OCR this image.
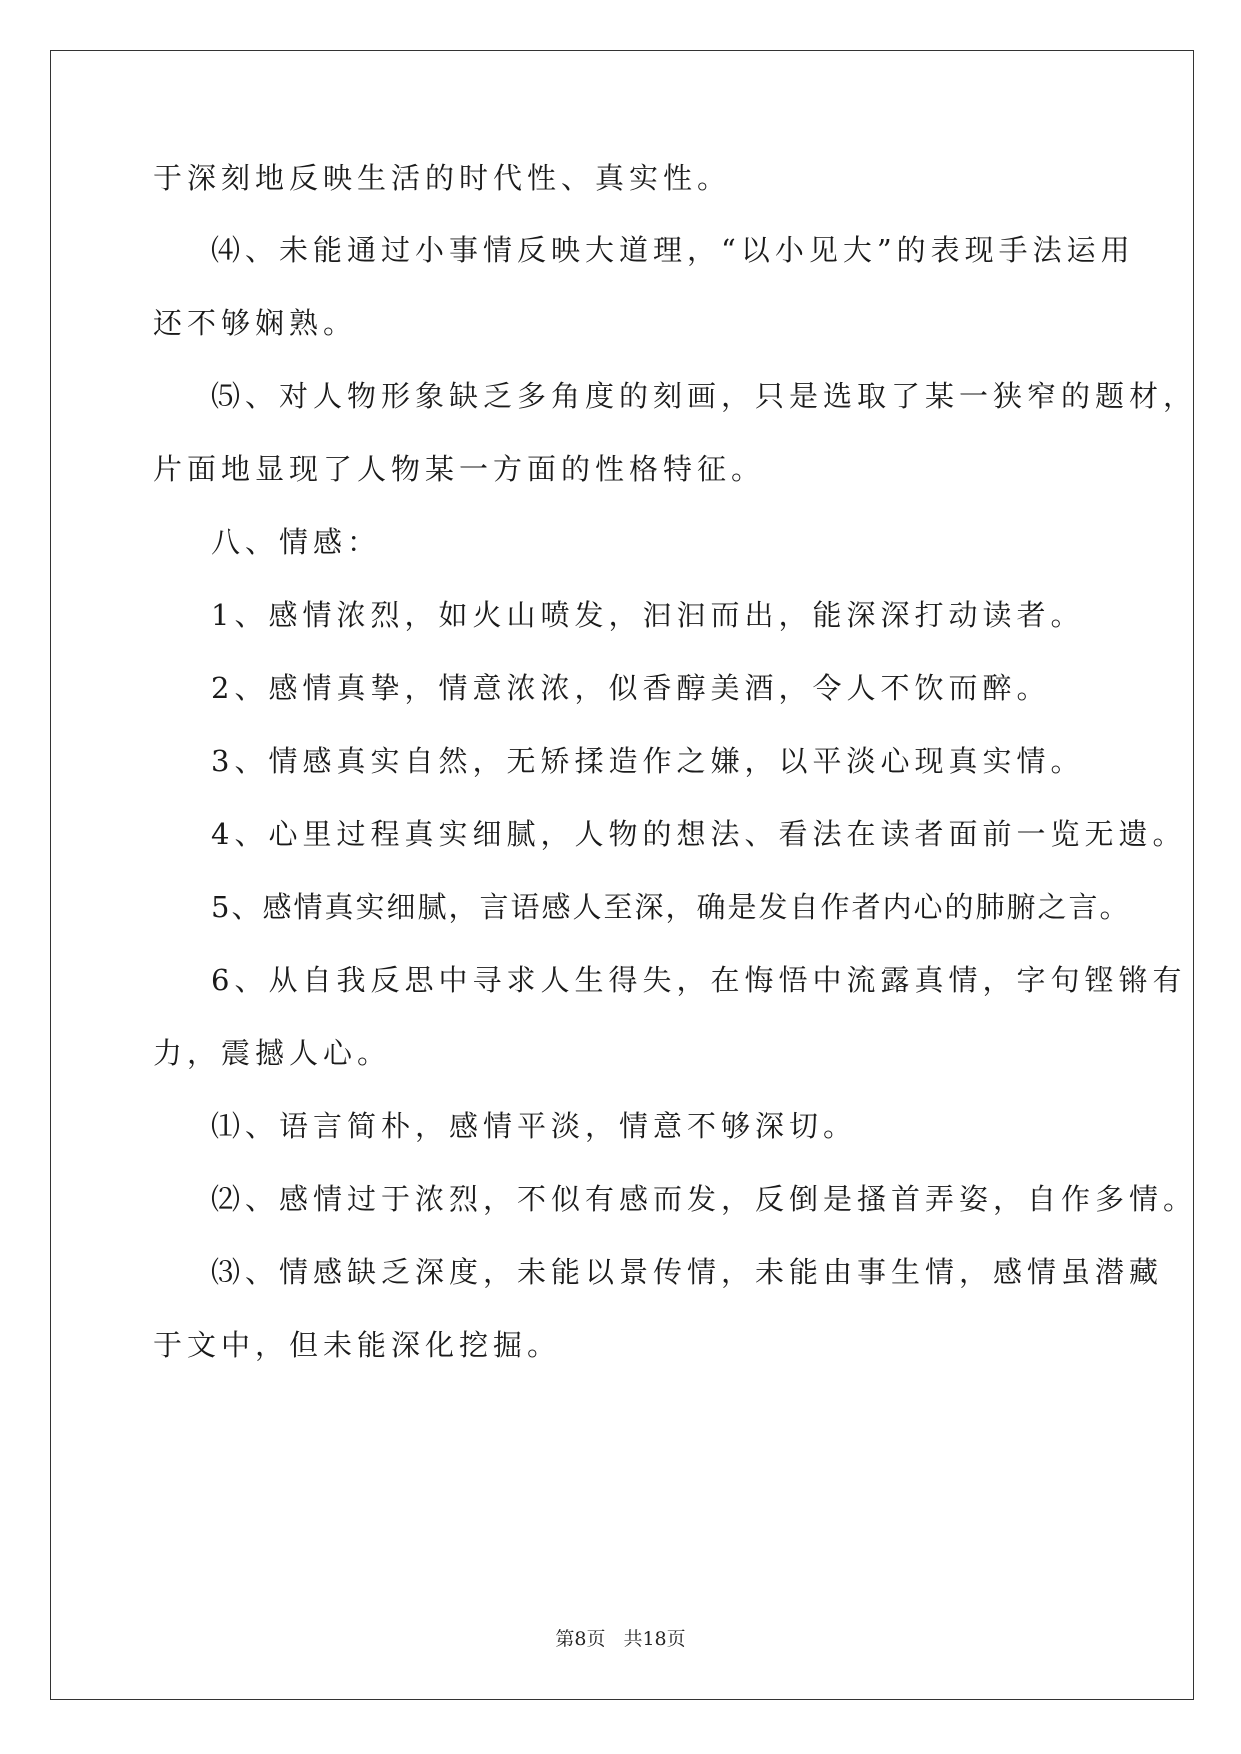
于深刻地反映生活的时代性、真实性。
⑷、未能通过小事情反映大道理，“以小见大”的表现手法运用
还不够娴熟。
⑸、对人物形象缺乏多角度的刻画，只是选取了某一狭窄的题材，
片面地显现了人物某一方面的性格特征。
八、情感：
1、感情浓烈，如火山喷发，汩汩而出，能深深打动读者。
2、感情真挚，情意浓浓，似香醇美酒，令人不饮而醉。
3、情感真实自然，无矫揉造作之嫌，以平淡心现真实情。
4、心里过程真实细腻，人物的想法、看法在读者面前一览无遗。
5、感情真实细腻，言语感人至深，确是发自作者内心的肺腑之言。
6、从自我反思中寻求人生得失，在悔悟中流露真情，字句铿锵有
力，震撼人心。
⑴、语言简朴，感情平淡，情意不够深切。
⑵、感情过于浓烈，不似有感而发，反倒是搔首弄姿，自作多情。
⑶、情感缺乏深度，未能以景传情，未能由事生情，感情虽潜藏
于文中，但未能深化挖掘。
第8页 共18页
